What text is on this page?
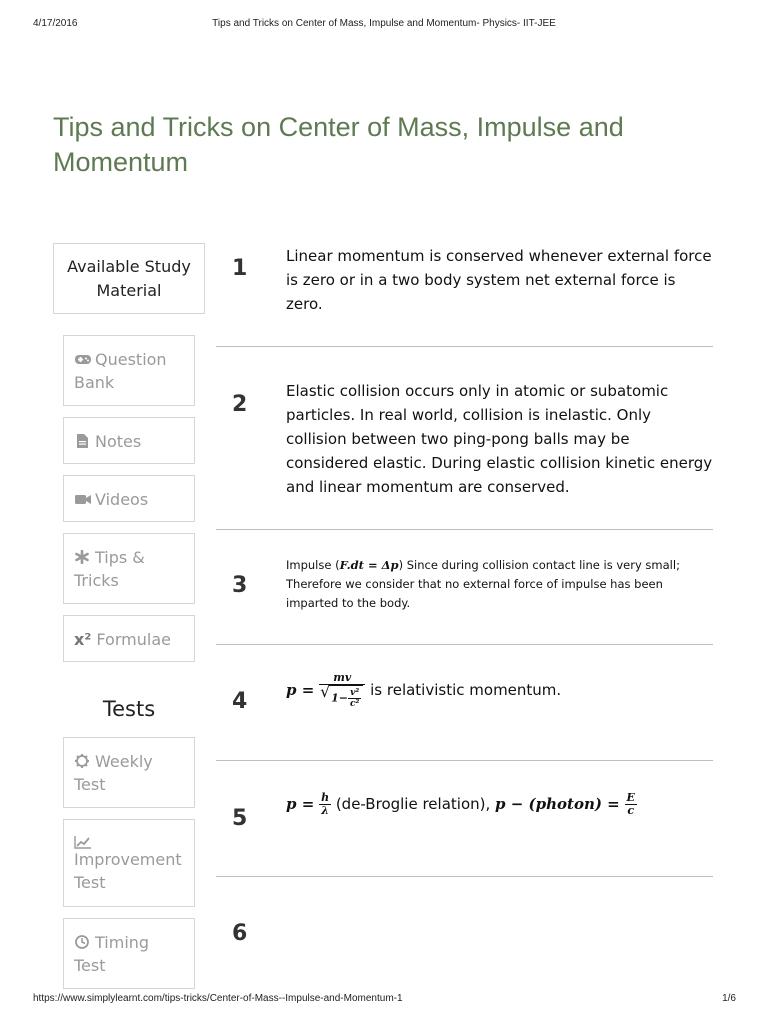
4/17/2016	Tips and Tricks on Center of Mass, Impulse and Momentum- Physics- IIT-JEE
Tips and Tricks on Center of Mass, Impulse and Momentum
Available Study Material
Question Bank
Notes
Videos
Tips & Tricks
x² Formulae
Tests
Weekly Test
Improvement Test
Timing Test
1	Linear momentum is conserved whenever external force is zero or in a two body system net external force is zero.
2
Elastic collision occurs only in atomic or subatomic particles. In real world, collision is inelastic. Only collision between two ping-pong balls may be considered elastic. During elastic collision kinetic energy and linear momentum are conserved.
3
Impulse (F.dt = Δp) Since during collision contact line is very small; Therefore we consider that no external force of impulse has been imparted to the body.
4	p = mv
√ $1- \frac{\text{v²}}{\text{c²}}$ is relativistic momentum.
5
$p = \frac{h}{\lambda}$ (de-Broglie relation), p − (photon) = $\frac{E}{c}$
6
https://www.simplylearnt.com/tips-tricks/Center-of-Mass--Impulse-and-Momentum-1	1/6
